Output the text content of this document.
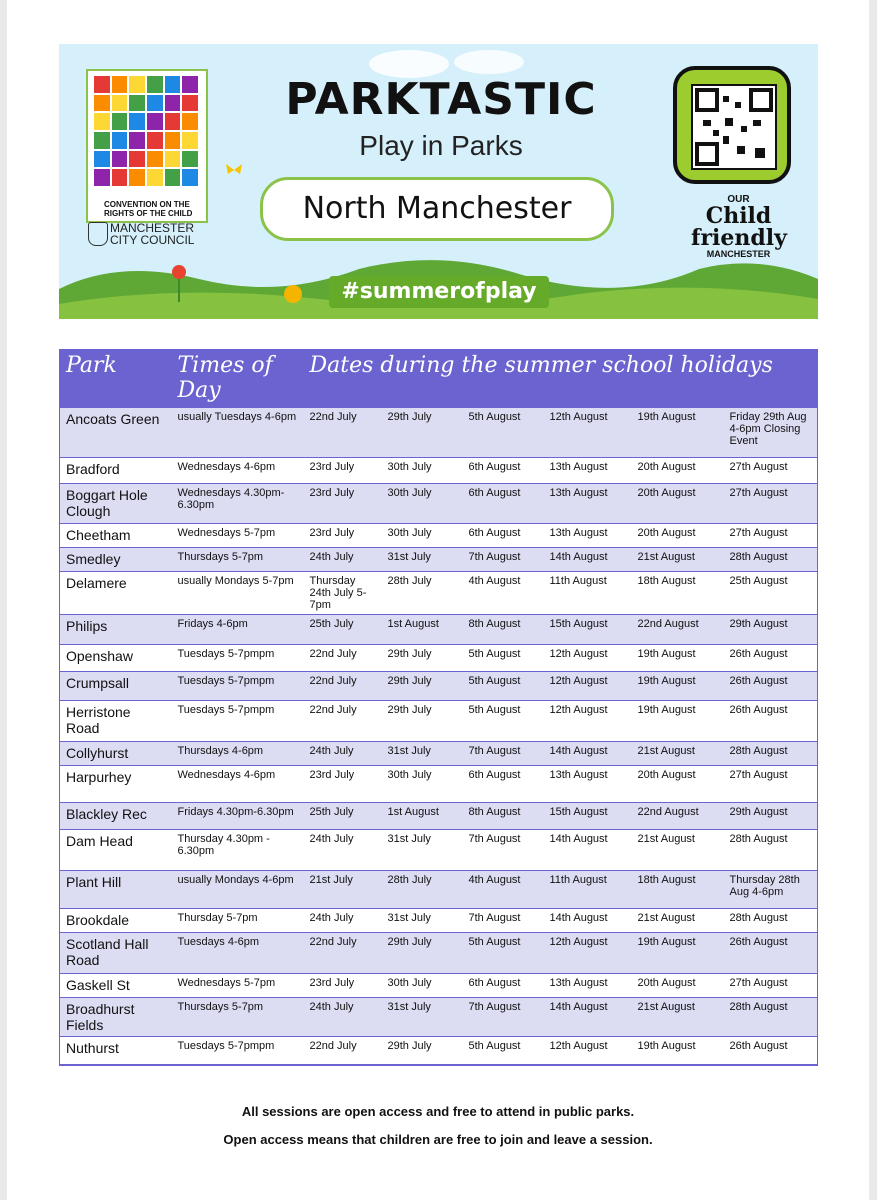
CONVENTION ON THE RIGHTS OF THE CHILD
MANCHESTER
CITY COUNCIL
PARKTASTIC
Play in Parks
North Manchester
#summerofplay
OUR
Child
friendly
MANCHESTER
Park	Times of Day	Dates during the summer school holidays					
Ancoats Green	usually Tuesdays 4-6pm	22nd July	29th July	5th August	12th August	19th August	Friday 29th Aug 4-6pm Closing Event
Bradford	Wednesdays 4-6pm	23rd July	30th July	6th August	13th August	20th August	27th August
Boggart Hole Clough	Wednesdays 4.30pm-6.30pm	23rd July	30th July	6th August	13th August	20th August	27th August
Cheetham	Wednesdays 5-7pm	23rd July	30th July	6th August	13th August	20th August	27th August
Smedley	Thursdays 5-7pm	24th July	31st July	7th August	14th August	21st August	28th August
Delamere	usually Mondays 5-7pm	Thursday 24th July 5-7pm	28th July	4th August	11th August	18th August	25th August
Philips	Fridays 4-6pm	25th July	1st August	8th August	15th August	22nd August	29th August
Openshaw	Tuesdays 5-7pmpm	22nd July	29th July	5th August	12th August	19th August	26th August
Crumpsall	Tuesdays 5-7pmpm	22nd July	29th July	5th August	12th August	19th August	26th August
Herristone Road	Tuesdays 5-7pmpm	22nd July	29th July	5th August	12th August	19th August	26th August
Collyhurst	Thursdays 4-6pm	24th July	31st July	7th August	14th August	21st August	28th August
Harpurhey	Wednesdays 4-6pm	23rd July	30th July	6th August	13th August	20th August	27th August
Blackley Rec	Fridays 4.30pm-6.30pm	25th July	1st August	8th August	15th August	22nd August	29th August
Dam Head	Thursday 4.30pm - 6.30pm	24th July	31st July	7th August	14th August	21st August	28th August
Plant Hill	usually Mondays 4-6pm	21st July	28th July	4th August	11th August	18th August	Thursday 28th Aug 4-6pm
Brookdale	Thursday 5-7pm	24th July	31st July	7th August	14th August	21st August	28th August
Scotland Hall Road	Tuesdays 4-6pm	22nd July	29th July	5th August	12th August	19th August	26th August
Gaskell St	Wednesdays 5-7pm	23rd July	30th July	6th August	13th August	20th August	27th August
Broadhurst Fields	Thursdays 5-7pm	24th July	31st July	7th August	14th August	21st August	28th August
Nuthurst	Tuesdays 5-7pmpm	22nd July	29th July	5th August	12th August	19th August	26th August
All sessions are open access and free to attend in public parks.
Open access means that children are free to join and leave a session.
